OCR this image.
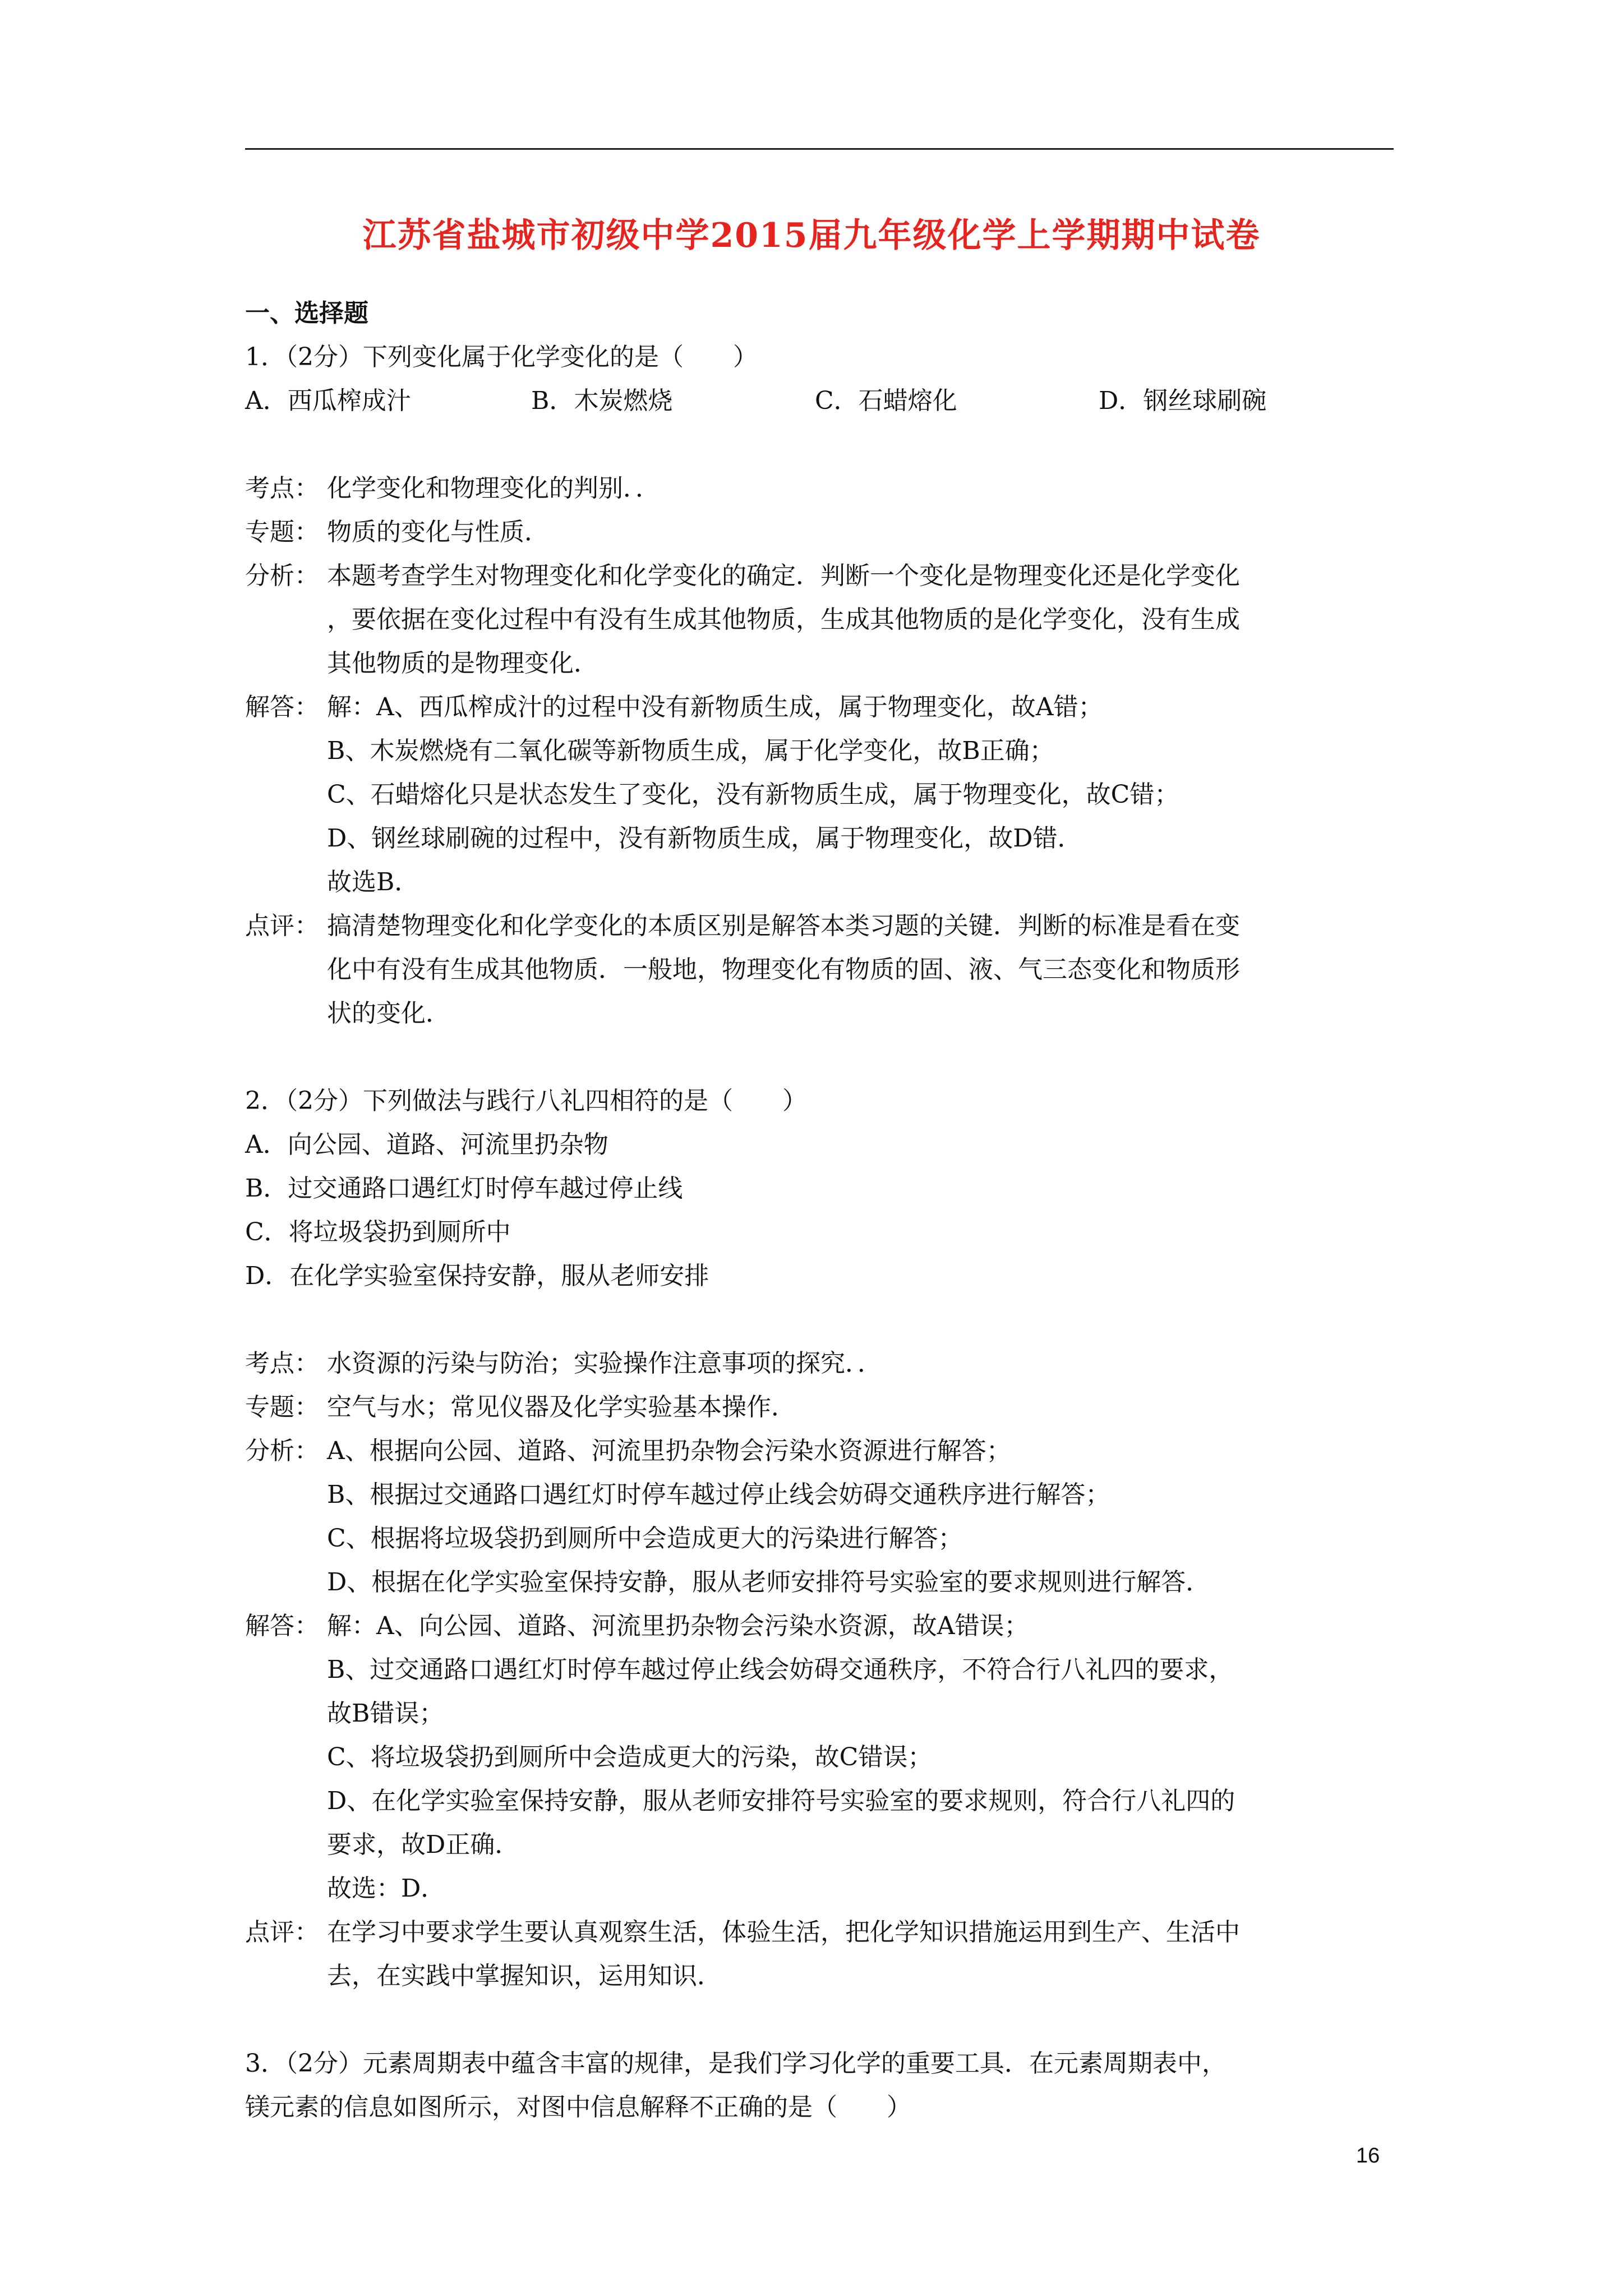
江苏省盐城市初级中学2015届九年级化学上学期期中试卷
一、选择题
1．（2分）下列变化属于化学变化的是（　　）
A．西瓜榨成汁	B．木炭燃烧	C．石蜡熔化	D．钢丝球刷碗
考点： 化学变化和物理变化的判别．．
专题： 物质的变化与性质．
分析： 本题考查学生对物理变化和化学变化的确定．判断一个变化是物理变化还是化学变化
，要依据在变化过程中有没有生成其他物质，生成其他物质的是化学变化，没有生成
其他物质的是物理变化．
解答： 解：A、西瓜榨成汁的过程中没有新物质生成，属于物理变化，故A错；
B、木炭燃烧有二氧化碳等新物质生成，属于化学变化，故B正确；
C、石蜡熔化只是状态发生了变化，没有新物质生成，属于物理变化，故C错；
D、钢丝球刷碗的过程中，没有新物质生成，属于物理变化，故D错．
故选B．
点评： 搞清楚物理变化和化学变化的本质区别是解答本类习题的关键．判断的标准是看在变
化中有没有生成其他物质．一般地，物理变化有物质的固、液、气三态变化和物质形
状的变化．
2．（2分）下列做法与践行八礼四相符的是（　　）
A．向公园、道路、河流里扔杂物
B．过交通路口遇红灯时停车越过停止线
C．将垃圾袋扔到厕所中
D．在化学实验室保持安静，服从老师安排
考点： 水资源的污染与防治；实验操作注意事项的探究．．
专题： 空气与水；常见仪器及化学实验基本操作．
分析： A、根据向公园、道路、河流里扔杂物会污染水资源进行解答；
B、根据过交通路口遇红灯时停车越过停止线会妨碍交通秩序进行解答；
C、根据将垃圾袋扔到厕所中会造成更大的污染进行解答；
D、根据在化学实验室保持安静，服从老师安排符号实验室的要求规则进行解答．
解答： 解：A、向公园、道路、河流里扔杂物会污染水资源，故A错误；
B、过交通路口遇红灯时停车越过停止线会妨碍交通秩序，不符合行八礼四的要求，
故B错误；
C、将垃圾袋扔到厕所中会造成更大的污染，故C错误；
D、在化学实验室保持安静，服从老师安排符号实验室的要求规则，符合行八礼四的
要求，故D正确．
故选：D．
点评： 在学习中要求学生要认真观察生活，体验生活，把化学知识措施运用到生产、生活中
去，在实践中掌握知识，运用知识．
3．（2分）元素周期表中蕴含丰富的规律，是我们学习化学的重要工具．在元素周期表中，
镁元素的信息如图所示，对图中信息解释不正确的是（　　）
16
